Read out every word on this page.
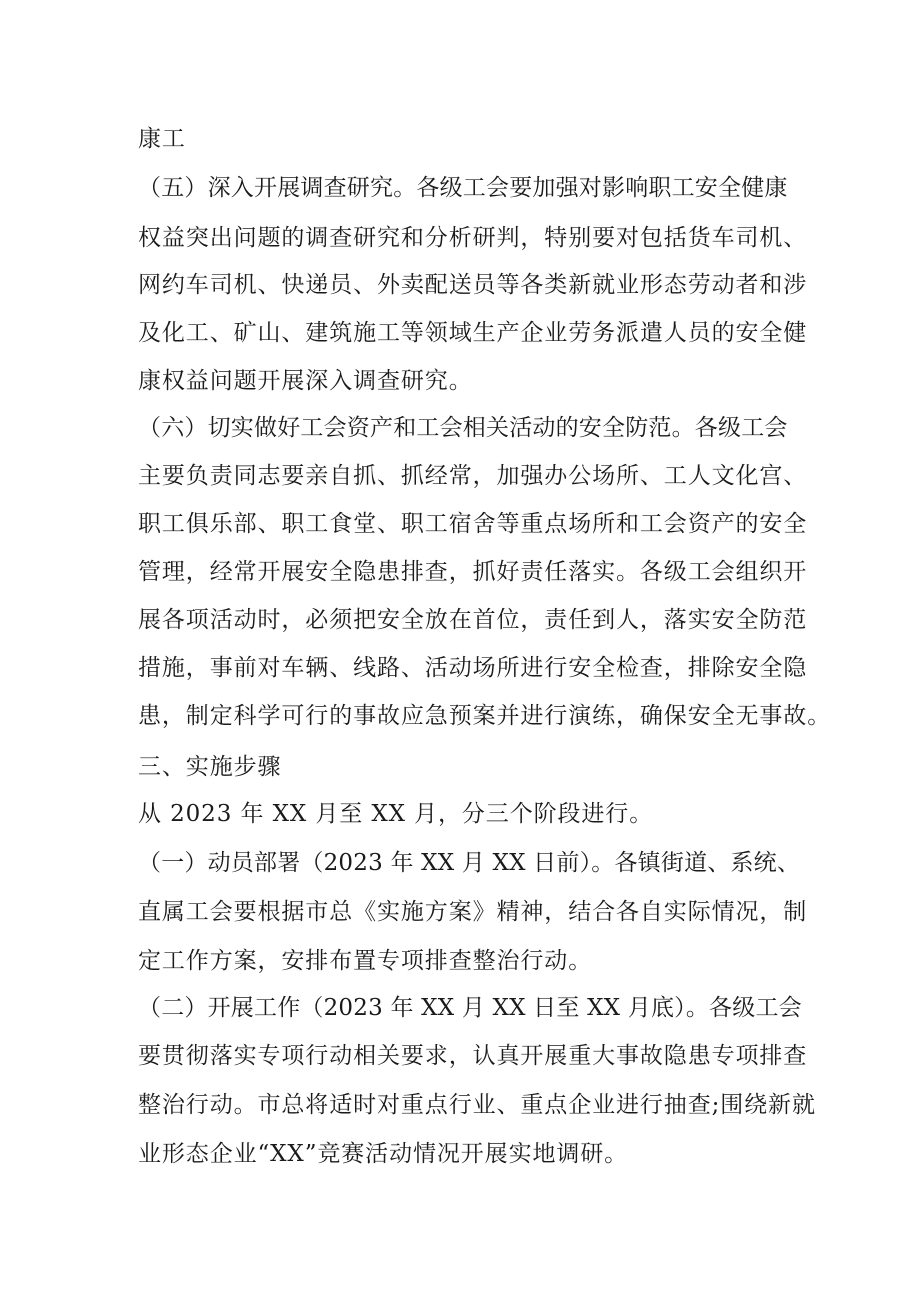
康工
（五）深入开展调查研究。各级工会要加强对影响职工安全健康
权益突出问题的调查研究和分析研判，特别要对包括货车司机、
网约车司机、快递员、外卖配送员等各类新就业形态劳动者和涉
及化工、矿山、建筑施工等领域生产企业劳务派遣人员的安全健
康权益问题开展深入调查研究。
（六）切实做好工会资产和工会相关活动的安全防范。各级工会
主要负责同志要亲自抓、抓经常，加强办公场所、工人文化宫、
职工俱乐部、职工食堂、职工宿舍等重点场所和工会资产的安全
管理，经常开展安全隐患排查，抓好责任落实。各级工会组织开
展各项活动时，必须把安全放在首位，责任到人，落实安全防范
措施，事前对车辆、线路、活动场所进行安全检查，排除安全隐
患，制定科学可行的事故应急预案并进行演练，确保安全无事故。
三、实施步骤
从 2023 年 XX 月至 XX 月，分三个阶段进行。
（一）动员部署（2023 年 XX 月 XX 日前）。各镇街道、系统、
直属工会要根据市总《实施方案》精神，结合各自实际情况，制
定工作方案，安排布置专项排查整治行动。
（二）开展工作（2023 年 XX 月 XX 日至 XX 月底）。各级工会
要贯彻落实专项行动相关要求，认真开展重大事故隐患专项排查
整治行动。市总将适时对重点行业、重点企业进行抽查;围绕新就
业形态企业“XX”竞赛活动情况开展实地调研。
